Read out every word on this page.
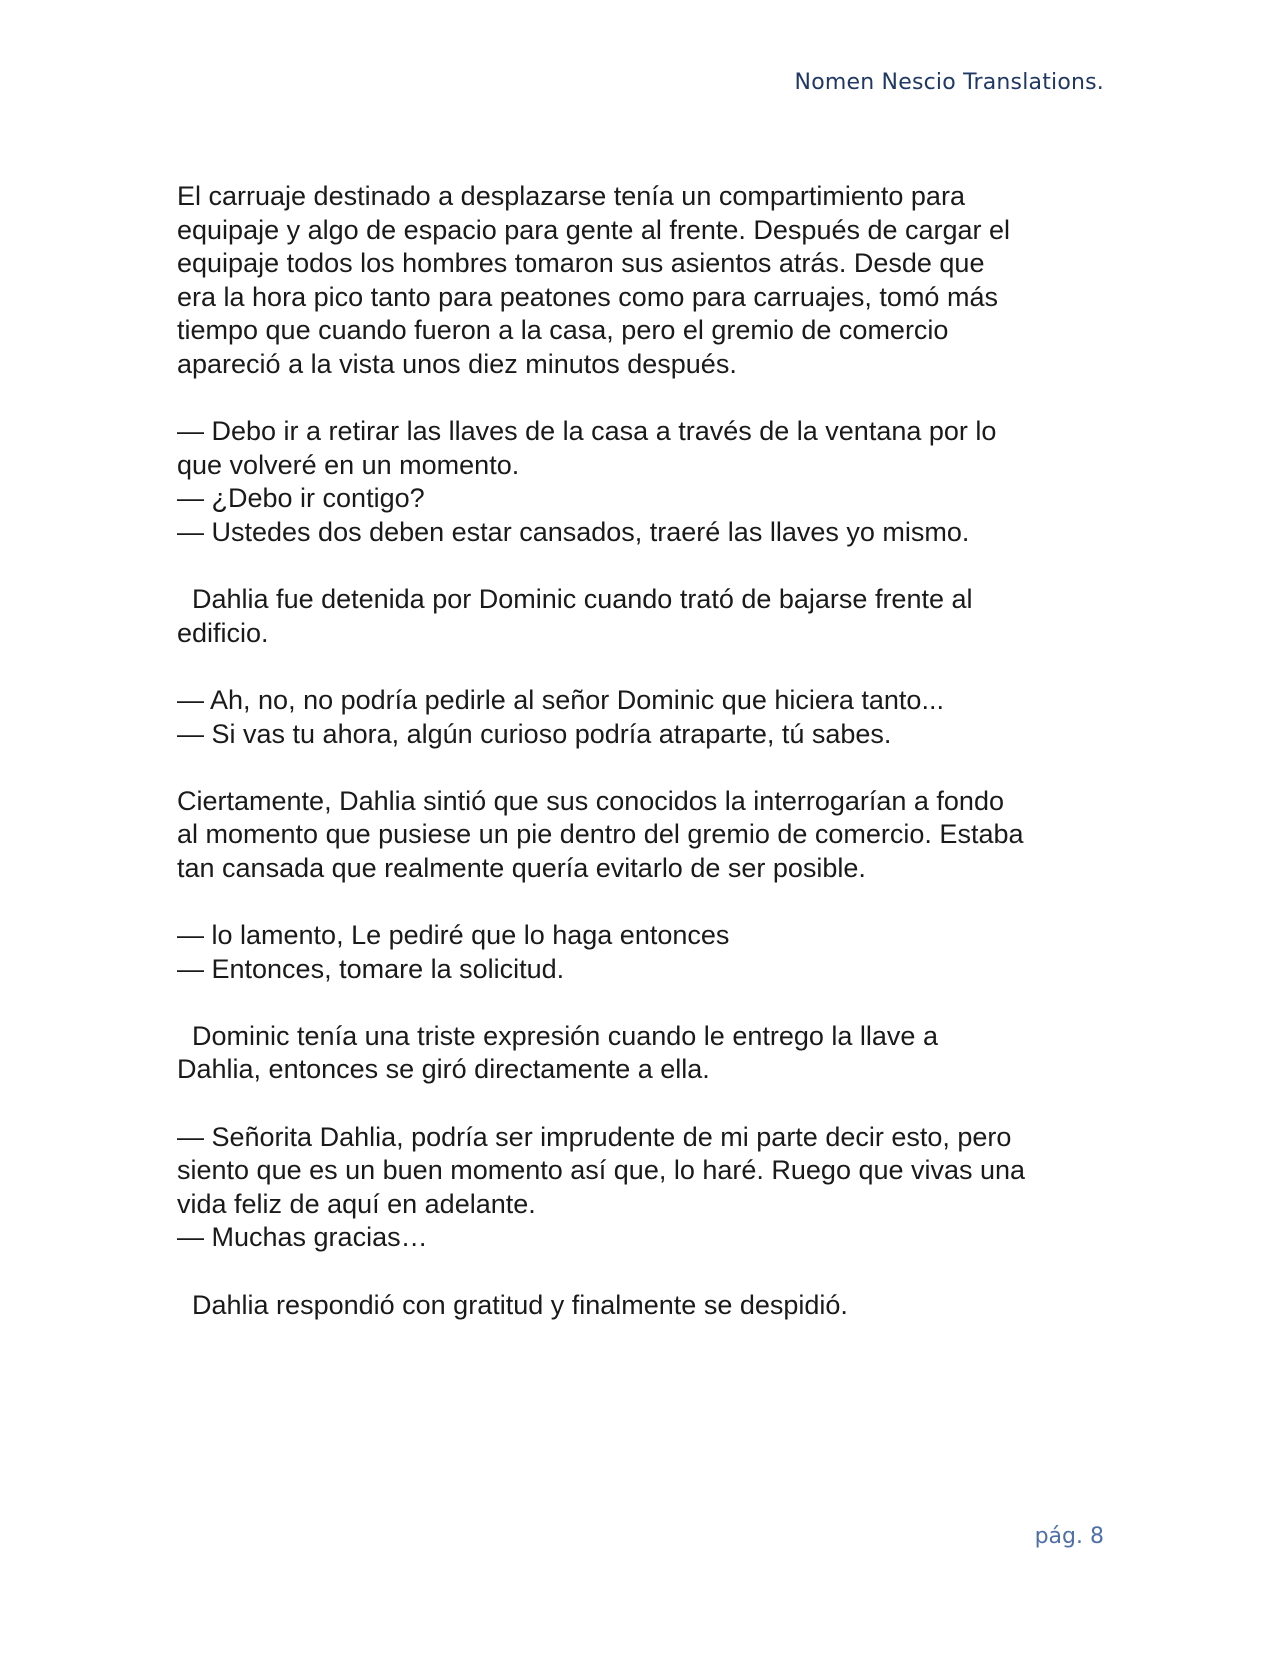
Nomen Nescio Translations.

El carruaje destinado a desplazarse tenía un compartimiento para

equipaje y algo de espacio para gente al frente. Después de cargar el

equipaje todos los hombres tomaron sus asientos atrás. Desde que

era la hora pico tanto para peatones como para carruajes, tomó más

tiempo que cuando fueron a la casa, pero el gremio de comercio

apareció a la vista unos diez minutos después.

— Debo ir a retirar las llaves de la casa a través de la ventana por lo

que volveré en un momento.

— ¿Debo ir contigo?

— Ustedes dos deben estar cansados, traeré las llaves yo mismo.

Dahlia fue detenida por Dominic cuando trató de bajarse frente al

edificio.

— Ah, no, no podría pedirle al señor Dominic que hiciera tanto...

— Si vas tu ahora, algún curioso podría atraparte, tú sabes.

Ciertamente, Dahlia sintió que sus conocidos la interrogarían a fondo

al momento que pusiese un pie dentro del gremio de comercio. Estaba

tan cansada que realmente quería evitarlo de ser posible.

— lo lamento, Le pediré que lo haga entonces

— Entonces, tomare la solicitud.

Dominic tenía una triste expresión cuando le entrego la llave a

Dahlia, entonces se giró directamente a ella.

— Señorita Dahlia, podría ser imprudente de mi parte decir esto, pero

siento que es un buen momento así que, lo haré. Ruego que vivas una

vida feliz de aquí en adelante.

— Muchas gracias…

Dahlia respondió con gratitud y finalmente se despidió.

pág. 8
